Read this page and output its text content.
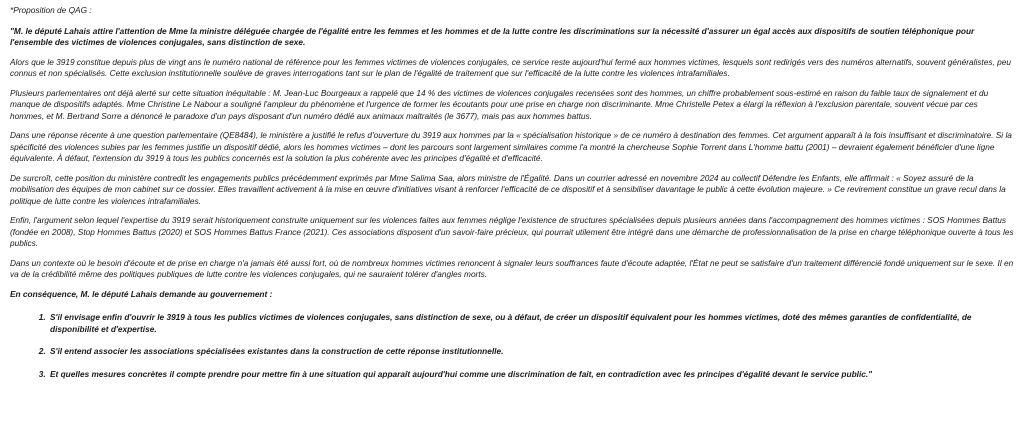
*Proposition de QAG :

"M. le député Lahais attire l'attention de Mme la ministre déléguée chargée de l'égalité entre les femmes et les hommes et de la lutte contre les discriminations sur la nécessité d'assurer un égal accès aux dispositifs de soutien téléphonique pour l'ensemble des victimes de violences conjugales, sans distinction de sexe.

Alors que le 3919 constitue depuis plus de vingt ans le numéro national de référence pour les femmes victimes de violences conjugales, ce service reste aujourd'hui fermé aux hommes victimes, lesquels sont redirigés vers des numéros alternatifs, souvent généralistes, peu connus et non spécialisés. Cette exclusion institutionnelle soulève de graves interrogations tant sur le plan de l'égalité de traitement que sur l'efficacité de la lutte contre les violences intrafamiliales.

Plusieurs parlementaires ont déjà alerté sur cette situation inéquitable : M. Jean-Luc Bourgeaux a rappelé que 14 % des victimes de violences conjugales recensées sont des hommes, un chiffre probablement sous-estimé en raison du faible taux de signalement et du manque de dispositifs adaptés. Mme Christine Le Nabour a souligné l'ampleur du phénomène et l'urgence de former les écoutants pour une prise en charge non discriminante. Mme Christelle Petex a élargi la réflexion à l'exclusion parentale, souvent vécue par ces hommes, et M. Bertrand Sorre a dénoncé le paradoxe d'un pays disposant d'un numéro dédié aux animaux maltraités (le 3677), mais pas aux hommes battus.

Dans une réponse récente à une question parlementaire (QE8484), le ministère a justifié le refus d'ouverture du 3919 aux hommes par la « spécialisation historique » de ce numéro à destination des femmes. Cet argument apparaît à la fois insuffisant et discriminatoire. Si la spécificité des violences subies par les femmes justifie un dispositif dédié, alors les hommes victimes – dont les parcours sont largement similaires comme l'a montré la chercheuse Sophie Torrent dans L'homme battu (2001) – devraient également bénéficier d'une ligne équivalente. À défaut, l'extension du 3919 à tous les publics concernés est la solution la plus cohérente avec les principes d'égalité et d'efficacité.

De surcroît, cette position du ministère contredit les engagements publics précédemment exprimés par Mme Salima Saa, alors ministre de l'Égalité. Dans un courrier adressé en novembre 2024 au collectif Défendre les Enfants, elle affirmait : « Soyez assuré de la mobilisation des équipes de mon cabinet sur ce dossier. Elles travaillent activement à la mise en œuvre d'initiatives visant à renforcer l'efficacité de ce dispositif et à sensibiliser davantage le public à cette évolution majeure. » Ce revirement constitue un grave recul dans la politique de lutte contre les violences intrafamiliales.

Enfin, l'argument selon lequel l'expertise du 3919 serait historiquement construite uniquement sur les violences faites aux femmes néglige l'existence de structures spécialisées depuis plusieurs années dans l'accompagnement des hommes victimes : SOS Hommes Battus (fondée en 2008), Stop Hommes Battus (2020) et SOS Hommes Battus France (2021). Ces associations disposent d'un savoir-faire précieux, qui pourrait utilement être intégré dans une démarche de professionnalisation de la prise en charge téléphonique ouverte à tous les publics.

Dans un contexte où le besoin d'écoute et de prise en charge n'a jamais été aussi fort, où de nombreux hommes victimes renoncent à signaler leurs souffrances faute d'écoute adaptée, l'État ne peut se satisfaire d'un traitement différencié fondé uniquement sur le sexe. Il en va de la crédibilité même des politiques publiques de lutte contre les violences conjugales, qui ne sauraient tolérer d'angles morts.

En conséquence, M. le député Lahais demande au gouvernement :

1. S'il envisage enfin d'ouvrir le 3919 à tous les publics victimes de violences conjugales, sans distinction de sexe, ou à défaut, de créer un dispositif équivalent pour les hommes victimes, doté des mêmes garanties de confidentialité, de disponibilité et d'expertise.
2. S'il entend associer les associations spécialisées existantes dans la construction de cette réponse institutionnelle.
3. Et quelles mesures concrètes il compte prendre pour mettre fin à une situation qui apparaît aujourd'hui comme une discrimination de fait, en contradiction avec les principes d'égalité devant le service public."
